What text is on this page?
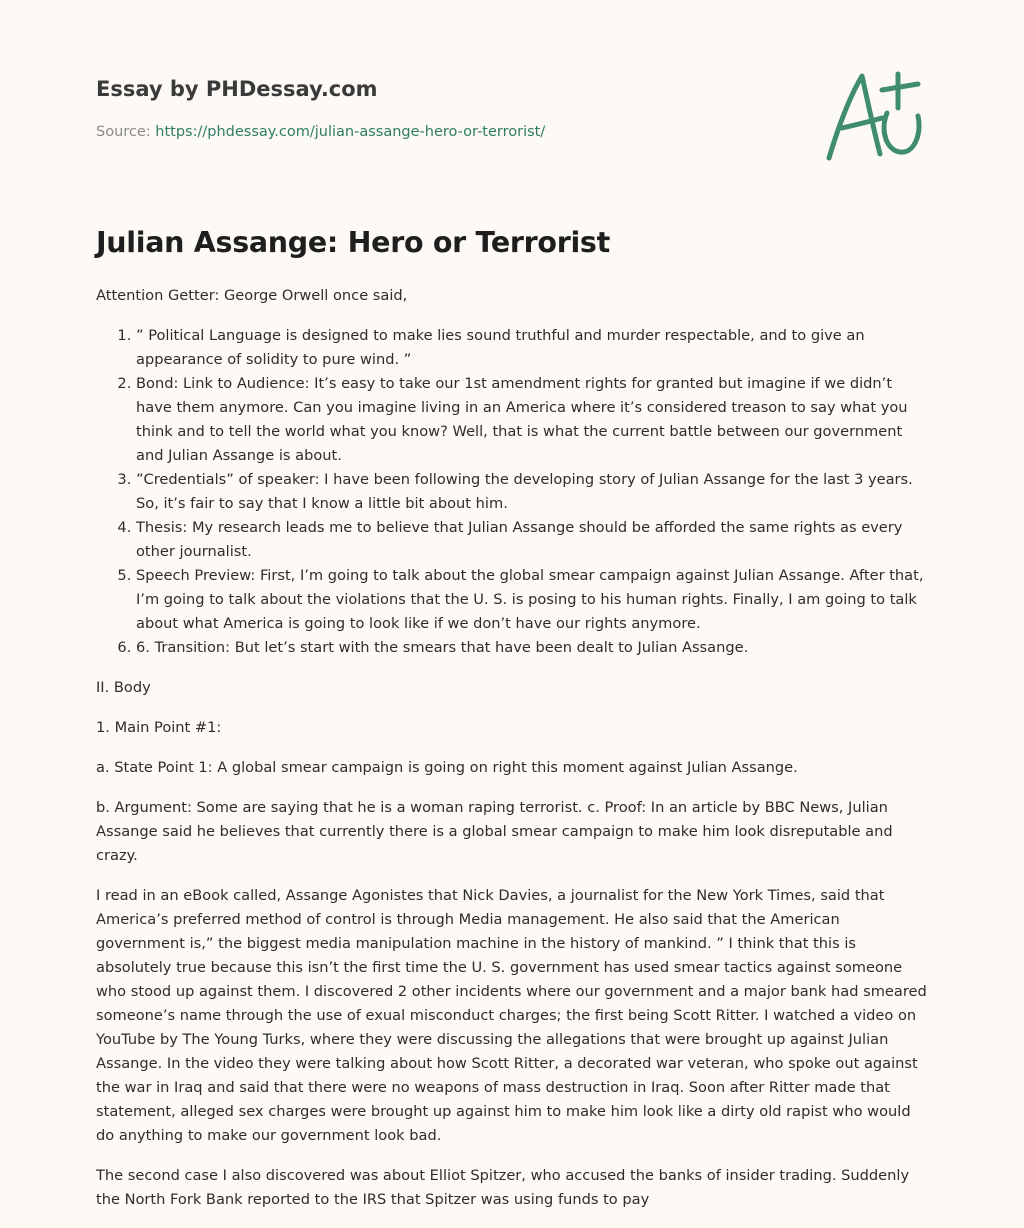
Essay by PHDessay.com
Source: https://phdessay.com/julian-assange-hero-or-terrorist/
Julian Assange: Hero or Terrorist

Attention Getter: George Orwell once said,

1. ” Political Language is designed to make lies sound truthful and murder respectable, and to give an appearance of solidity to pure wind. ”
2. Bond: Link to Audience: It’s easy to take our 1st amendment rights for granted but imagine if we didn’t have them anymore. Can you imagine living in an America where it’s considered treason to say what you think and to tell the world what you know? Well, that is what the current battle between our government and Julian Assange is about.
3. ”Credentials” of speaker: I have been following the developing story of Julian Assange for the last 3 years. So, it’s fair to say that I know a little bit about him.
4. Thesis: My research leads me to believe that Julian Assange should be afforded the same rights as every other journalist.
5. Speech Preview: First, I’m going to talk about the global smear campaign against Julian Assange. After that, I’m going to talk about the violations that the U. S. is posing to his human rights. Finally, I am going to talk about what America is going to look like if we don’t have our rights anymore.
6. 6. Transition: But let’s start with the smears that have been dealt to Julian Assange.

II. Body

1. Main Point #1:

a. State Point 1: A global smear campaign is going on right this moment against Julian Assange.

b. Argument: Some are saying that he is a woman raping terrorist. c. Proof: In an article by BBC News, Julian Assange said he believes that currently there is a global smear campaign to make him look disreputable and crazy.

I read in an eBook called, Assange Agonistes that Nick Davies, a journalist for the New York Times, said that America’s preferred method of control is through Media management. He also said that the American government is,” the biggest media manipulation machine in the history of mankind. ” I think that this is absolutely true because this isn’t the first time the U. S. government has used smear tactics against someone who stood up against them. I discovered 2 other incidents where our government and a major bank had smeared someone’s name through the use of exual misconduct charges; the first being Scott Ritter. I watched a video on YouTube by The Young Turks, where they were discussing the allegations that were brought up against Julian Assange. In the video they were talking about how Scott Ritter, a decorated war veteran, who spoke out against the war in Iraq and said that there were no weapons of mass destruction in Iraq. Soon after Ritter made that statement, alleged sex charges were brought up against him to make him look like a dirty old rapist who would do anything to make our government look bad.

The second case I also discovered was about Elliot Spitzer, who accused the banks of insider trading. Suddenly the North Fork Bank reported to the IRS that Spitzer was using funds to pay
